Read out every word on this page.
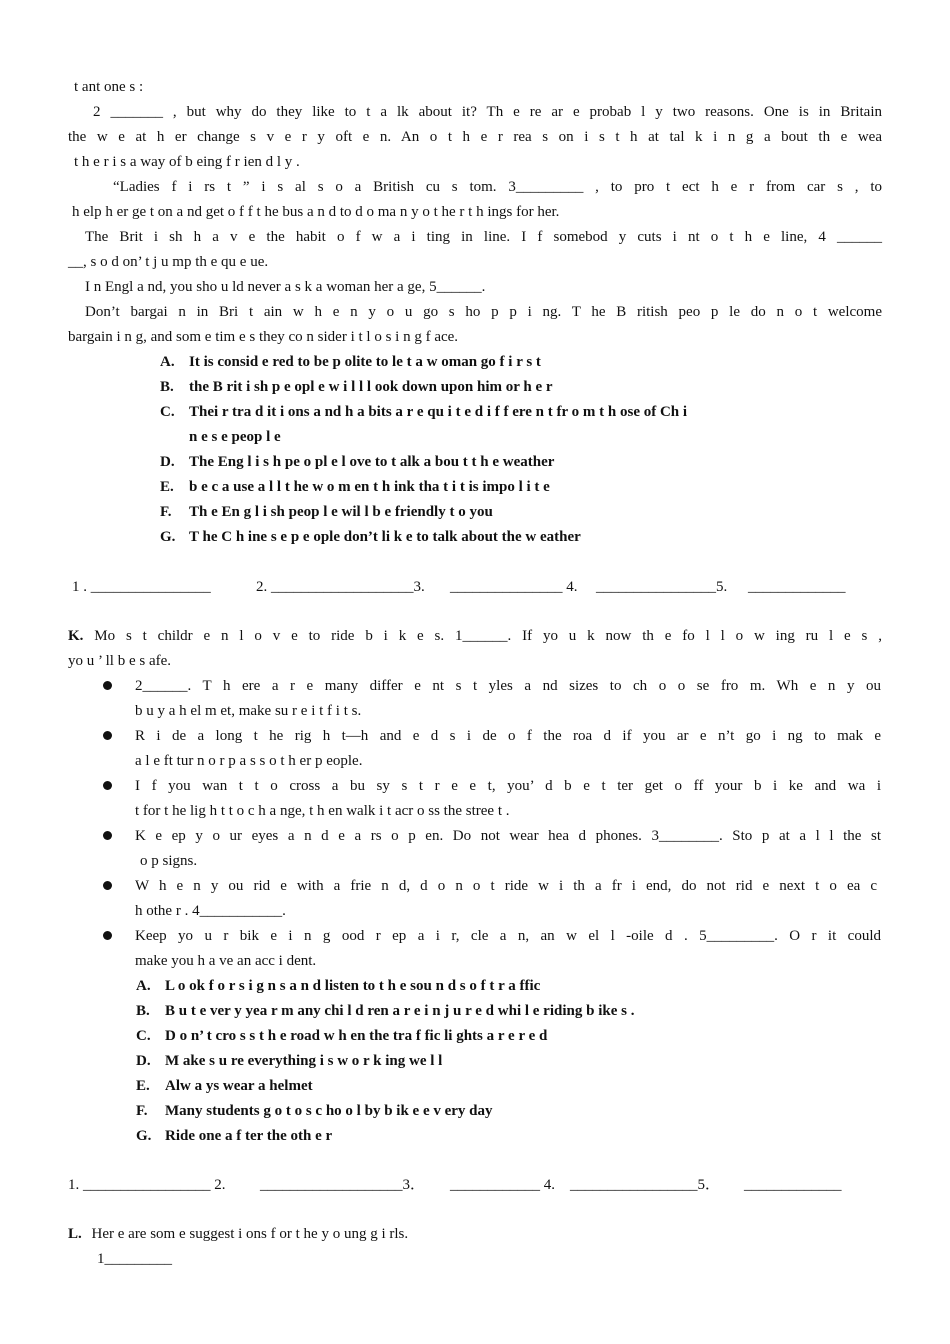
t ant one s :
2 _______ , but why do they like to t a lk about it? Th e re ar e probab l y two reasons. One is in Britain
the w e at h er change s v e r y oft e n. An o t h e r rea s on i s t h at tal k i n g a bout th e wea
t h e r i s a way of b eing f r ien d l y .
“Ladies f i rs t ” i s al s o a British cu s tom. 3_________ , to pro t ect h e r from car s , to
h elp h er ge t on a nd get o f f t he bus a n d to d o ma n y o t he r t h ings for her.
The Brit i sh h a v e the habit o f w a i ting in line. I f somebod y cuts i nt o t h e line, 4 ______
__, s o d on’ t j u mp th e qu e ue.
I n Engl a nd, you sho u ld never a s k a woman her a ge, 5______.
Don’t bargai n in Bri t ain w h e n y o u go s ho p p i ng. T he B ritish peo p le do n o t welcome
bargain i n g, and som e tim e s they co n sider i t l o s i n g f ace.
A. It is consid e red to be p olite to le t a w oman go f i r s t
B. the B rit i sh p e opl e w i l l l ook down upon him or h e r
C. Thei r tra d it i ons a nd h a bits a r e qu i t e d i f f ere n t fr o m t h ose of Ch i
n e s e peop l e
D. The Eng l i s h pe o pl e l ove to t alk a bou t t h e weather
E. b e c a use a l l t he w o m en t h ink tha t i t is impo l i t e
F. Th e En g l i sh peop l e wil l b e friendly t o you
G. T he C h ine s e p e ople don’t li k e to talk about the w eather
1 . ________________	2. ___________________3. _______________ 4. ________________5. _____________
K. Mo s t childr e n l o v e to ride b i k e s. 1______. If yo u k now th e fo l l o w ing ru l e s ,
yo u ’ ll b e s afe.
2______. T h ere a r e many differ e nt s t yles a nd sizes to ch o o se fro m. Wh e n y ou
b u y a h el m et, make su r e i t f i t s.
R i de a long t he rig h t—h and e d s i de o f the roa d if you ar e n’t go i ng to mak e
a l e ft tur n o r p a s s o t h er p eople.
I f you wan t t o cross a bu sy s t r e e t, you’ d b e t ter get o ff your b i ke and wa i
t for t he lig h t t o c h a nge, t h en walk i t acr o ss the stree t .
K e ep y o ur eyes a n d e a rs o p en. Do not wear hea d phones. 3________. Sto p at a l l the st
o p signs.
W h e n y ou rid e with a frie n d, d o n o t ride w i th a fr i end, do not rid e next t o ea c
h othe r . 4___________.
Keep yo u r bik e i n g ood r ep a i r, cle a n, an w el l -oile d . 5_________. O r it could
make you h a ve an acc i dent.
A. L o ok f o r s i g n s a n d listen to t h e sou n d s o f t r a ffic
B. B u t e ver y yea r m any chi l d ren a r e i n j u r e d whi l e riding b ike s .
C. D o n’ t cro s s t h e road w h en the tra f fic li ghts a r e r e d
D. M ake s u re everything i s w o r k ing we l l
E. Alw a ys wear a helmet
F. Many students g o t o s c ho o l by b ik e e v ery day
G. Ride one a f ter the oth e r
1. _________________ 2. ___________________3． ____________ 4. _________________5． _____________
L. Her e are som e suggest i ons f or t he y o ung g i rls.
1_________
